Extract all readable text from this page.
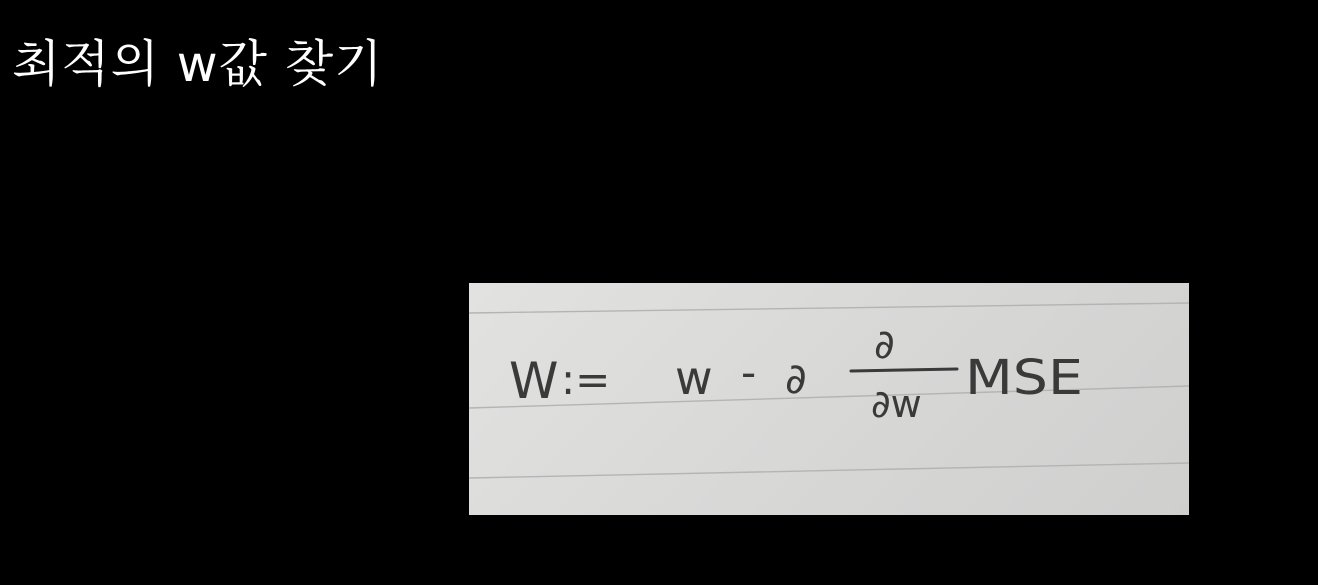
최적의 w값 찾기
W := w - ∂
∂
∂w MSE
